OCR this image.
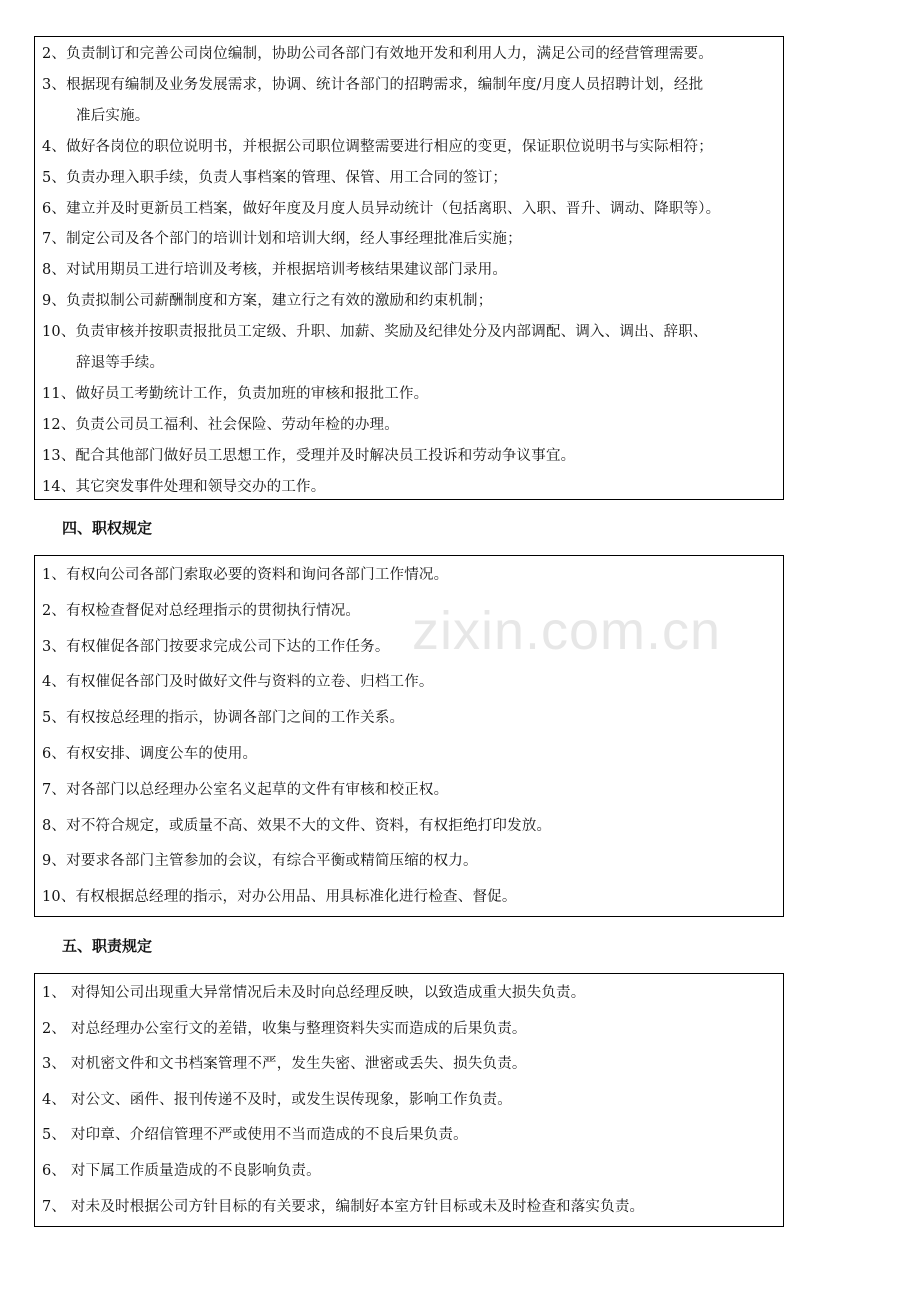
2、负责制订和完善公司岗位编制，协助公司各部门有效地开发和利用人力，满足公司的经营管理需要。
3、根据现有编制及业务发展需求，协调、统计各部门的招聘需求，编制年度/月度人员招聘计划，经批
准后实施。
4、做好各岗位的职位说明书，并根据公司职位调整需要进行相应的变更，保证职位说明书与实际相符；
5、负责办理入职手续，负责人事档案的管理、保管、用工合同的签订；
6、建立并及时更新员工档案，做好年度及月度人员异动统计（包括离职、入职、晋升、调动、降职等）。
7、制定公司及各个部门的培训计划和培训大纲，经人事经理批准后实施；
8、对试用期员工进行培训及考核，并根据培训考核结果建议部门录用。
9、负责拟制公司薪酬制度和方案，建立行之有效的激励和约束机制；
10、负责审核并按职责报批员工定级、升职、加薪、奖励及纪律处分及内部调配、调入、调出、辞职、
辞退等手续。
11、做好员工考勤统计工作，负责加班的审核和报批工作。
12、负责公司员工福利、社会保险、劳动年检的办理。
13、配合其他部门做好员工思想工作，受理并及时解决员工投诉和劳动争议事宜。
14、其它突发事件处理和领导交办的工作。
四、职权规定
1、有权向公司各部门索取必要的资料和询问各部门工作情况。
2、有权检查督促对总经理指示的贯彻执行情况。
3、有权催促各部门按要求完成公司下达的工作任务。
4、有权催促各部门及时做好文件与资料的立卷、归档工作。
5、有权按总经理的指示，协调各部门之间的工作关系。
6、有权安排、调度公车的使用。
7、对各部门以总经理办公室名义起草的文件有审核和校正权。
8、对不符合规定，或质量不高、效果不大的文件、资料，有权拒绝打印发放。
9、对要求各部门主管参加的会议，有综合平衡或精简压缩的权力。
10、有权根据总经理的指示，对办公用品、用具标准化进行检查、督促。
五、职责规定
1、 对得知公司出现重大异常情况后未及时向总经理反映，以致造成重大损失负责。
2、 对总经理办公室行文的差错，收集与整理资料失实而造成的后果负责。
3、 对机密文件和文书档案管理不严，发生失密、泄密或丢失、损失负责。
4、 对公文、函件、报刊传递不及时，或发生误传现象，影响工作负责。
5、 对印章、介绍信管理不严或使用不当而造成的不良后果负责。
6、 对下属工作质量造成的不良影响负责。
7、 对未及时根据公司方针目标的有关要求，编制好本室方针目标或未及时检查和落实负责。
